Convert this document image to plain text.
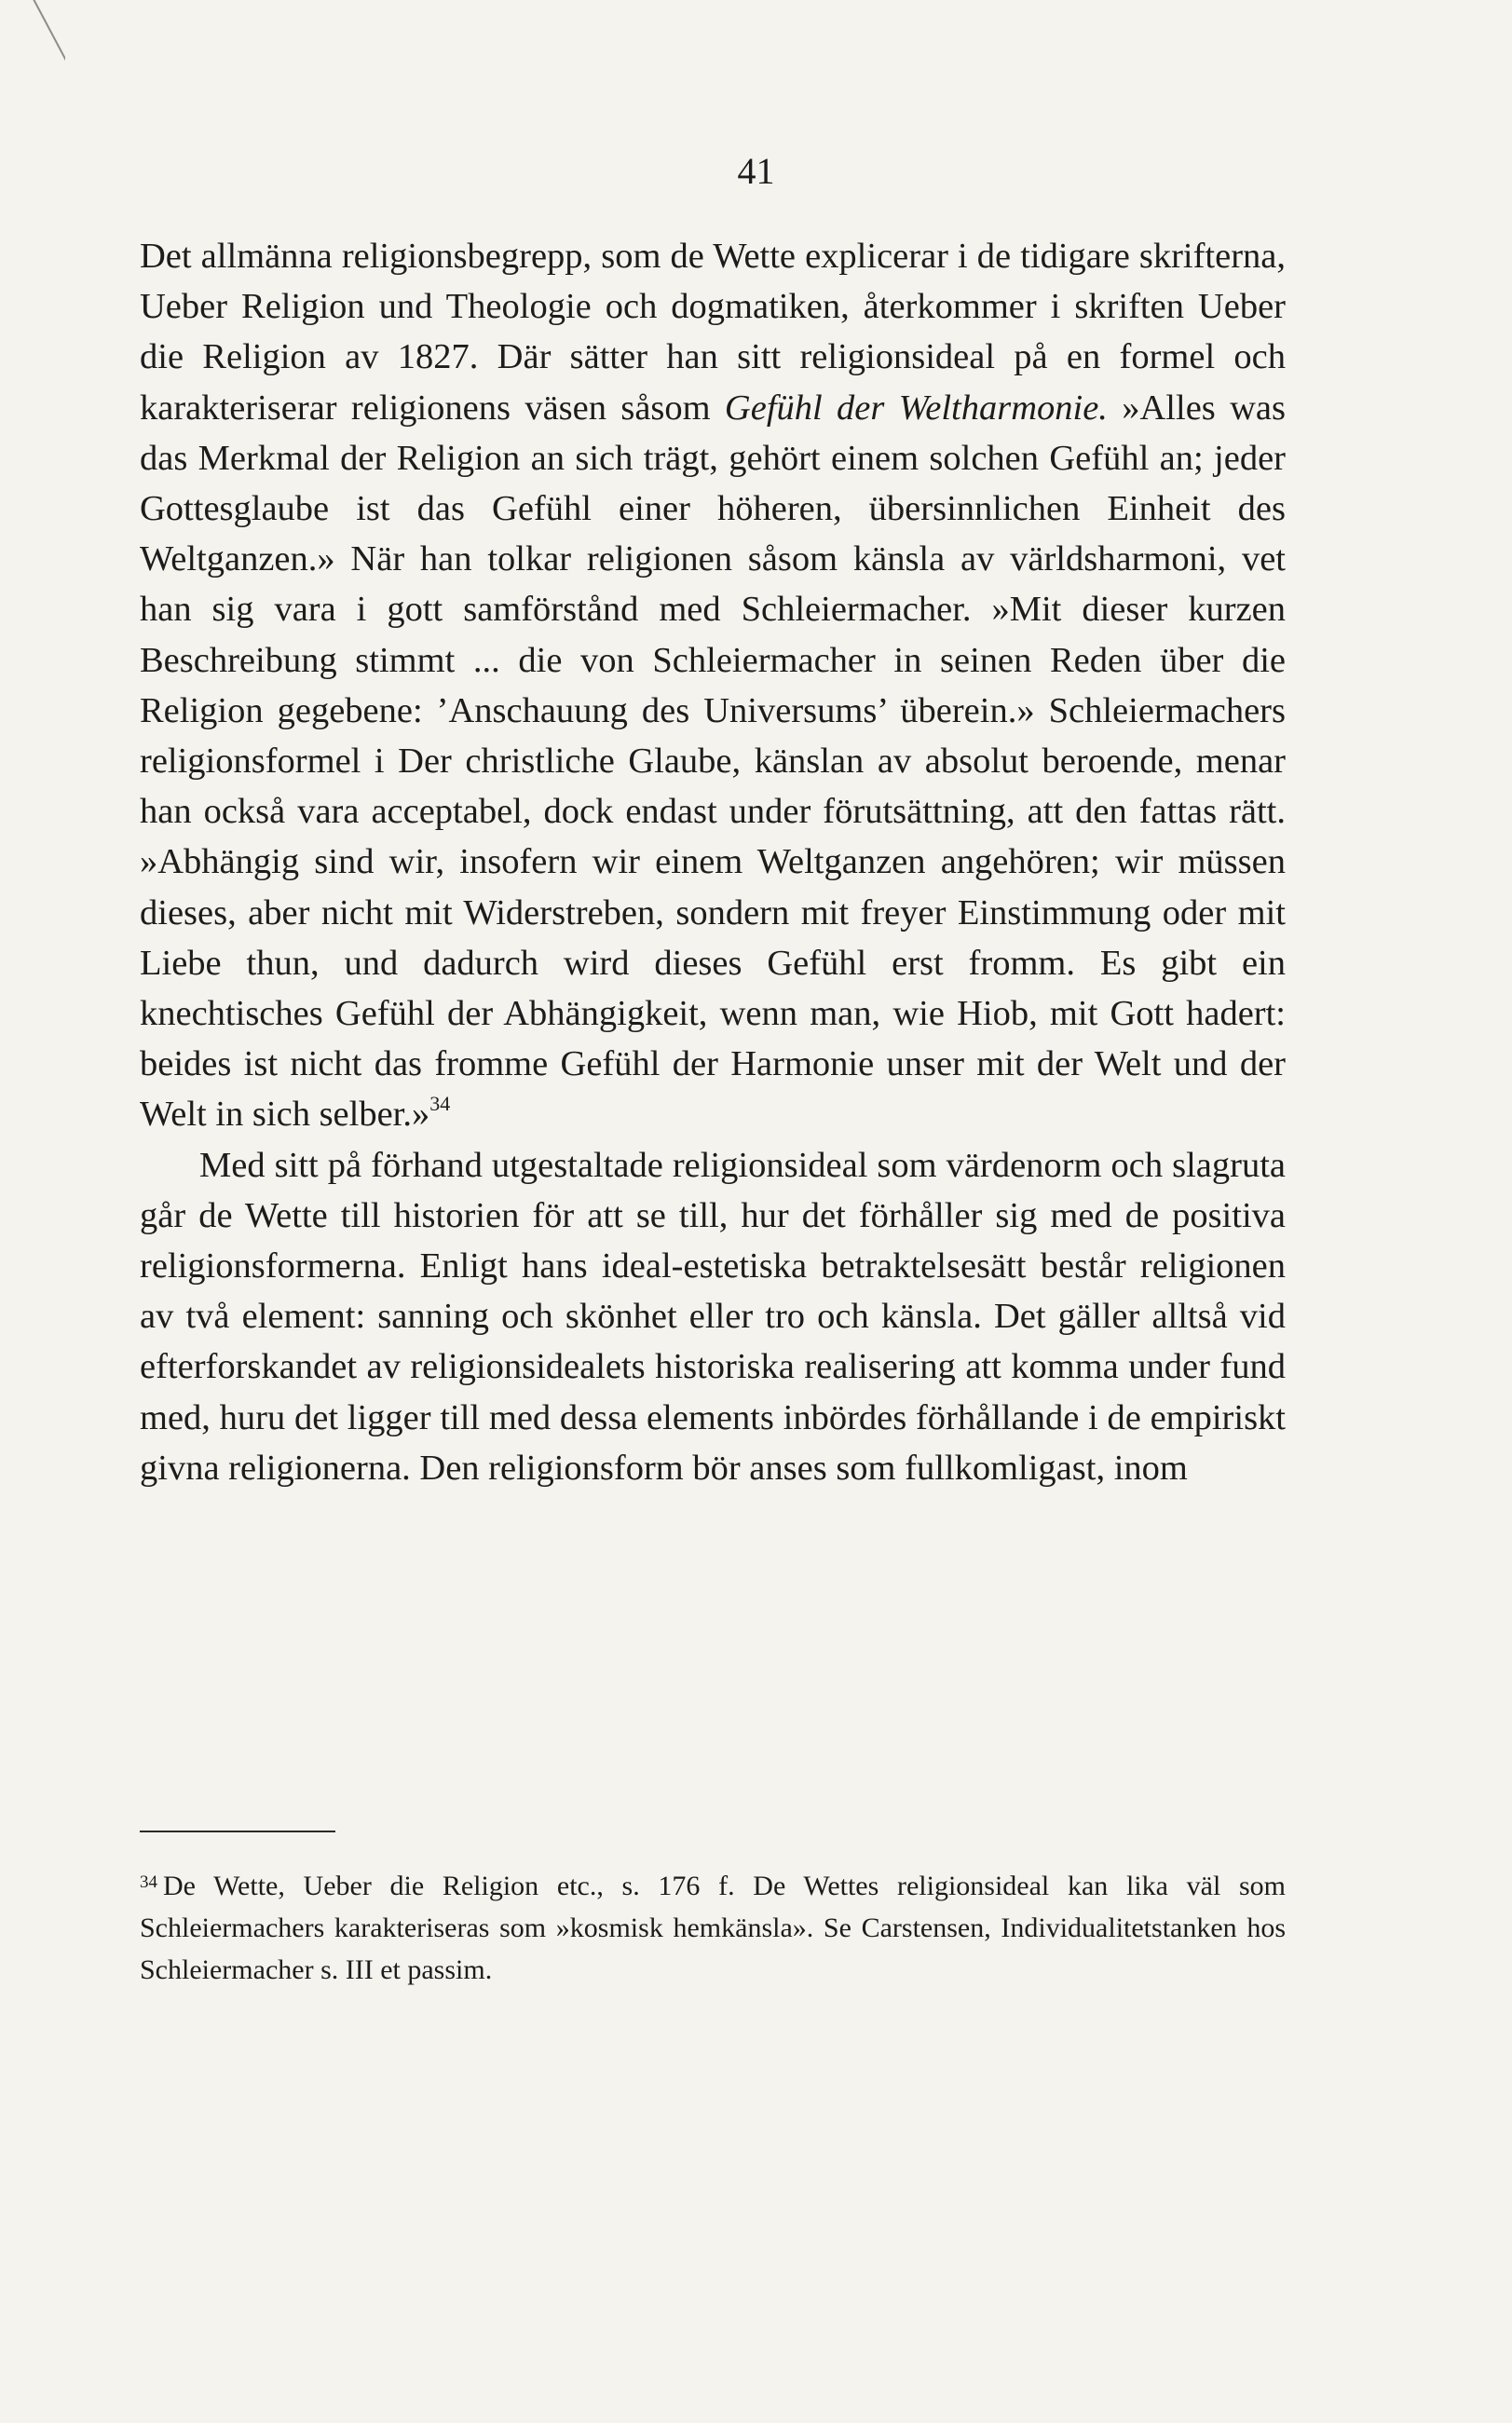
41

Det allmänna religionsbegrepp, som de Wette explicerar i de tidigare skrifterna, Ueber Religion und Theologie och dogmatiken, återkommer i skriften Ueber die Religion av 1827. Där sätter han sitt religionsideal på en formel och karakteriserar religionens väsen såsom Gefühl der Weltharmonie. »Alles was das Merkmal der Religion an sich trägt, gehört einem solchen Gefühl an; jeder Gottesglaube ist das Gefühl einer höheren, übersinnlichen Einheit des Weltganzen.» När han tolkar religionen såsom känsla av världsharmoni, vet han sig vara i gott samförstånd med Schleiermacher. »Mit dieser kurzen Beschreibung stimmt ... die von Schleiermacher in seinen Reden über die Religion gegebene: ’Anschauung des Universums’ überein.» Schleiermachers religionsformel i Der christliche Glaube, känslan av absolut beroende, menar han också vara acceptabel, dock endast under förutsättning, att den fattas rätt. »Abhängig sind wir, insofern wir einem Weltganzen angehören; wir müssen dieses, aber nicht mit Widerstreben, sondern mit freyer Einstimmung oder mit Liebe thun, und dadurch wird dieses Gefühl erst fromm. Es gibt ein knechtisches Gefühl der Abhängigkeit, wenn man, wie Hiob, mit Gott hadert: beides ist nicht das fromme Gefühl der Harmonie unser mit der Welt und der Welt in sich selber.»$^{34}$

Med sitt på förhand utgestaltade religionsideal som värdenorm och slagruta går de Wette till historien för att se till, hur det förhåller sig med de positiva religionsformerna. Enligt hans ideal-estetiska betraktelsesätt består religionen av två element: sanning och skönhet eller tro och känsla. Det gäller alltså vid efterforskandet av religionsidealets historiska realisering att komma under fund med, huru det ligger till med dessa elements inbördes förhållande i de empiriskt givna religionerna. Den religionsform bör anses som fullkomligast, inom

$^{34}$ De Wette, Ueber die Religion etc., s. 176 f. De Wettes religionsideal kan lika väl som Schleiermachers karakteriseras som »kosmisk hemkänsla». Se Carstensen, Individualitetstanken hos Schleiermacher s. III et passim.
